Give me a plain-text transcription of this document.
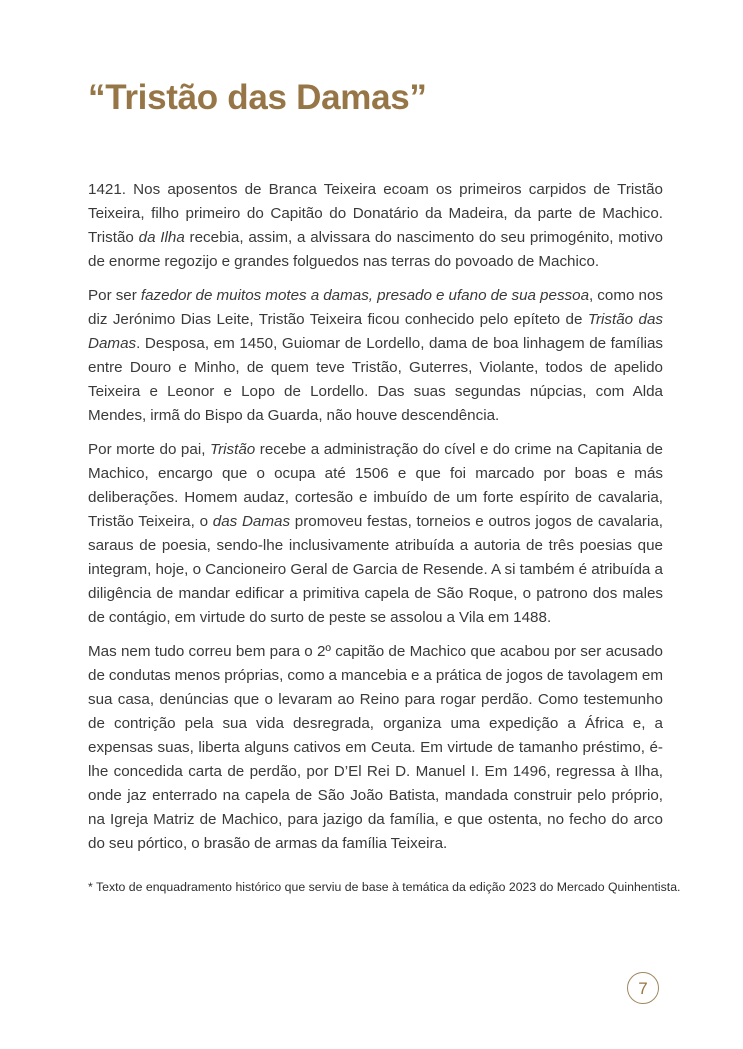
“Tristão das Damas”

1421. Nos aposentos de Branca Teixeira ecoam os primeiros carpidos de Tristão Teixeira, filho primeiro do Capitão do Donatário da Madeira, da parte de Machico. Tristão da Ilha recebia, assim, a alvissara do nascimento do seu primogénito, motivo de enorme regozijo e grandes folguedos nas terras do povoado de Machico.

Por ser fazedor de muitos motes a damas, presado e ufano de sua pessoa, como nos diz Jerónimo Dias Leite, Tristão Teixeira ficou conhecido pelo epíteto de Tristão das Damas. Desposa, em 1450, Guiomar de Lordello, dama de boa linhagem de famílias entre Douro e Minho, de quem teve Tristão, Guterres, Violante, todos de apelido Teixeira e Leonor e Lopo de Lordello. Das suas segundas núpcias, com Alda Mendes, irmã do Bispo da Guarda, não houve descendência.

Por morte do pai, Tristão recebe a administração do cível e do crime na Capitania de Machico, encargo que o ocupa até 1506 e que foi marcado por boas e más deliberações. Homem audaz, cortesão e imbuído de um forte espírito de cavalaria, Tristão Teixeira, o das Damas promoveu festas, torneios e outros jogos de cavalaria, saraus de poesia, sendo-lhe inclusivamente atribuída a autoria de três poesias que integram, hoje, o Cancioneiro Geral de Garcia de Resende. A si também é atribuída a diligência de mandar edificar a primitiva capela de São Roque, o patrono dos males de contágio, em virtude do surto de peste se assolou a Vila em 1488.

Mas nem tudo correu bem para o 2º capitão de Machico que acabou por ser acusado de condutas menos próprias, como a mancebia e a prática de jogos de tavolagem em sua casa, denúncias que o levaram ao Reino para rogar perdão. Como testemunho de contrição pela sua vida desregrada, organiza uma expedição a África e, a expensas suas, liberta alguns cativos em Ceuta. Em virtude de tamanho préstimo, é-lhe concedida carta de perdão, por D’El Rei D. Manuel I. Em 1496, regressa à Ilha, onde jaz enterrado na capela de São João Batista, mandada construir pelo próprio, na Igreja Matriz de Machico, para jazigo da família, e que ostenta, no fecho do arco do seu pórtico, o brasão de armas da família Teixeira.

* Texto de enquadramento histórico que serviu de base à temática da edição 2023 do Mercado Quinhentista.
7
